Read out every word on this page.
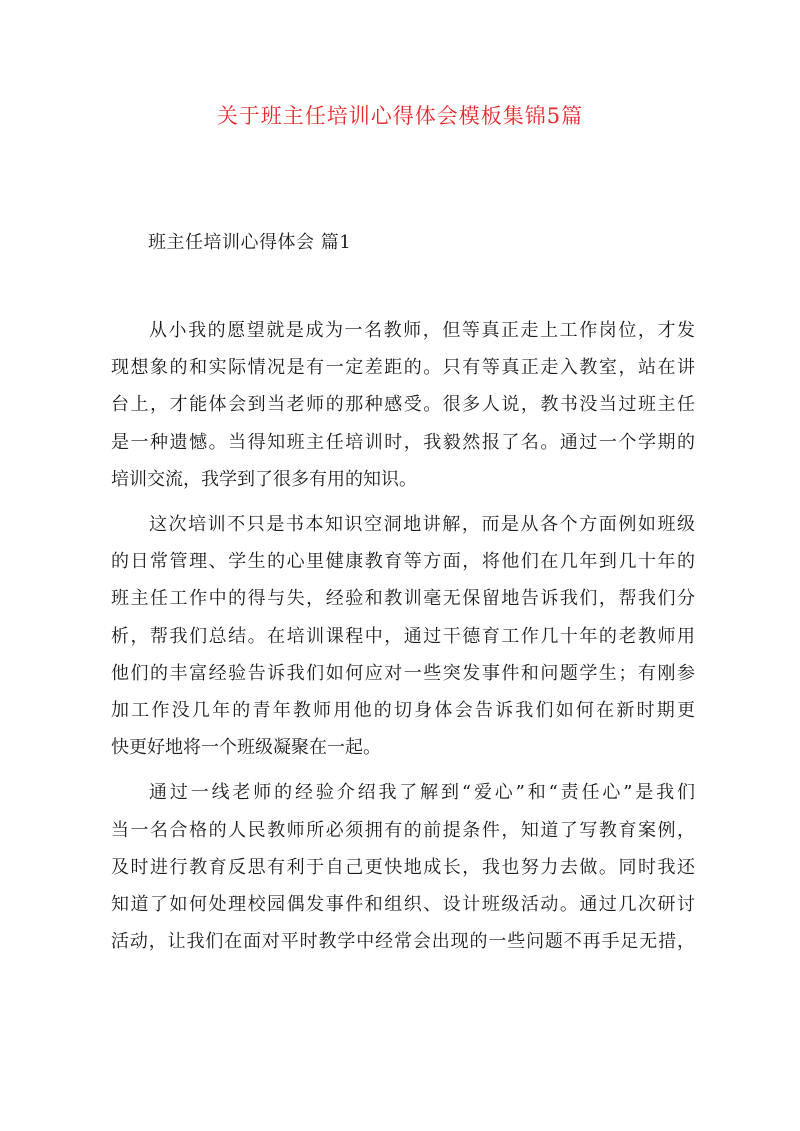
关于班主任培训心得体会模板集锦5篇
班主任培训心得体会 篇1
从小我的愿望就是成为一名教师，但等真正走上工作岗位，才发
现想象的和实际情况是有一定差距的。只有等真正走入教室，站在讲
台上，才能体会到当老师的那种感受。很多人说，教书没当过班主任
是一种遗憾。当得知班主任培训时，我毅然报了名。通过一个学期的
培训交流，我学到了很多有用的知识。
这次培训不只是书本知识空洞地讲解，而是从各个方面例如班级
的日常管理、学生的心里健康教育等方面，将他们在几年到几十年的
班主任工作中的得与失，经验和教训毫无保留地告诉我们，帮我们分
析，帮我们总结。在培训课程中，通过干德育工作几十年的老教师用
他们的丰富经验告诉我们如何应对一些突发事件和问题学生；有刚参
加工作没几年的青年教师用他的切身体会告诉我们如何在新时期更
快更好地将一个班级凝聚在一起。
通过一线老师的经验介绍我了解到“爱心”和“责任心”是我们
当一名合格的人民教师所必须拥有的前提条件，知道了写教育案例，
及时进行教育反思有利于自己更快地成长，我也努力去做。同时我还
知道了如何处理校园偶发事件和组织、设计班级活动。通过几次研讨
活动，让我们在面对平时教学中经常会出现的一些问题不再手足无措，
